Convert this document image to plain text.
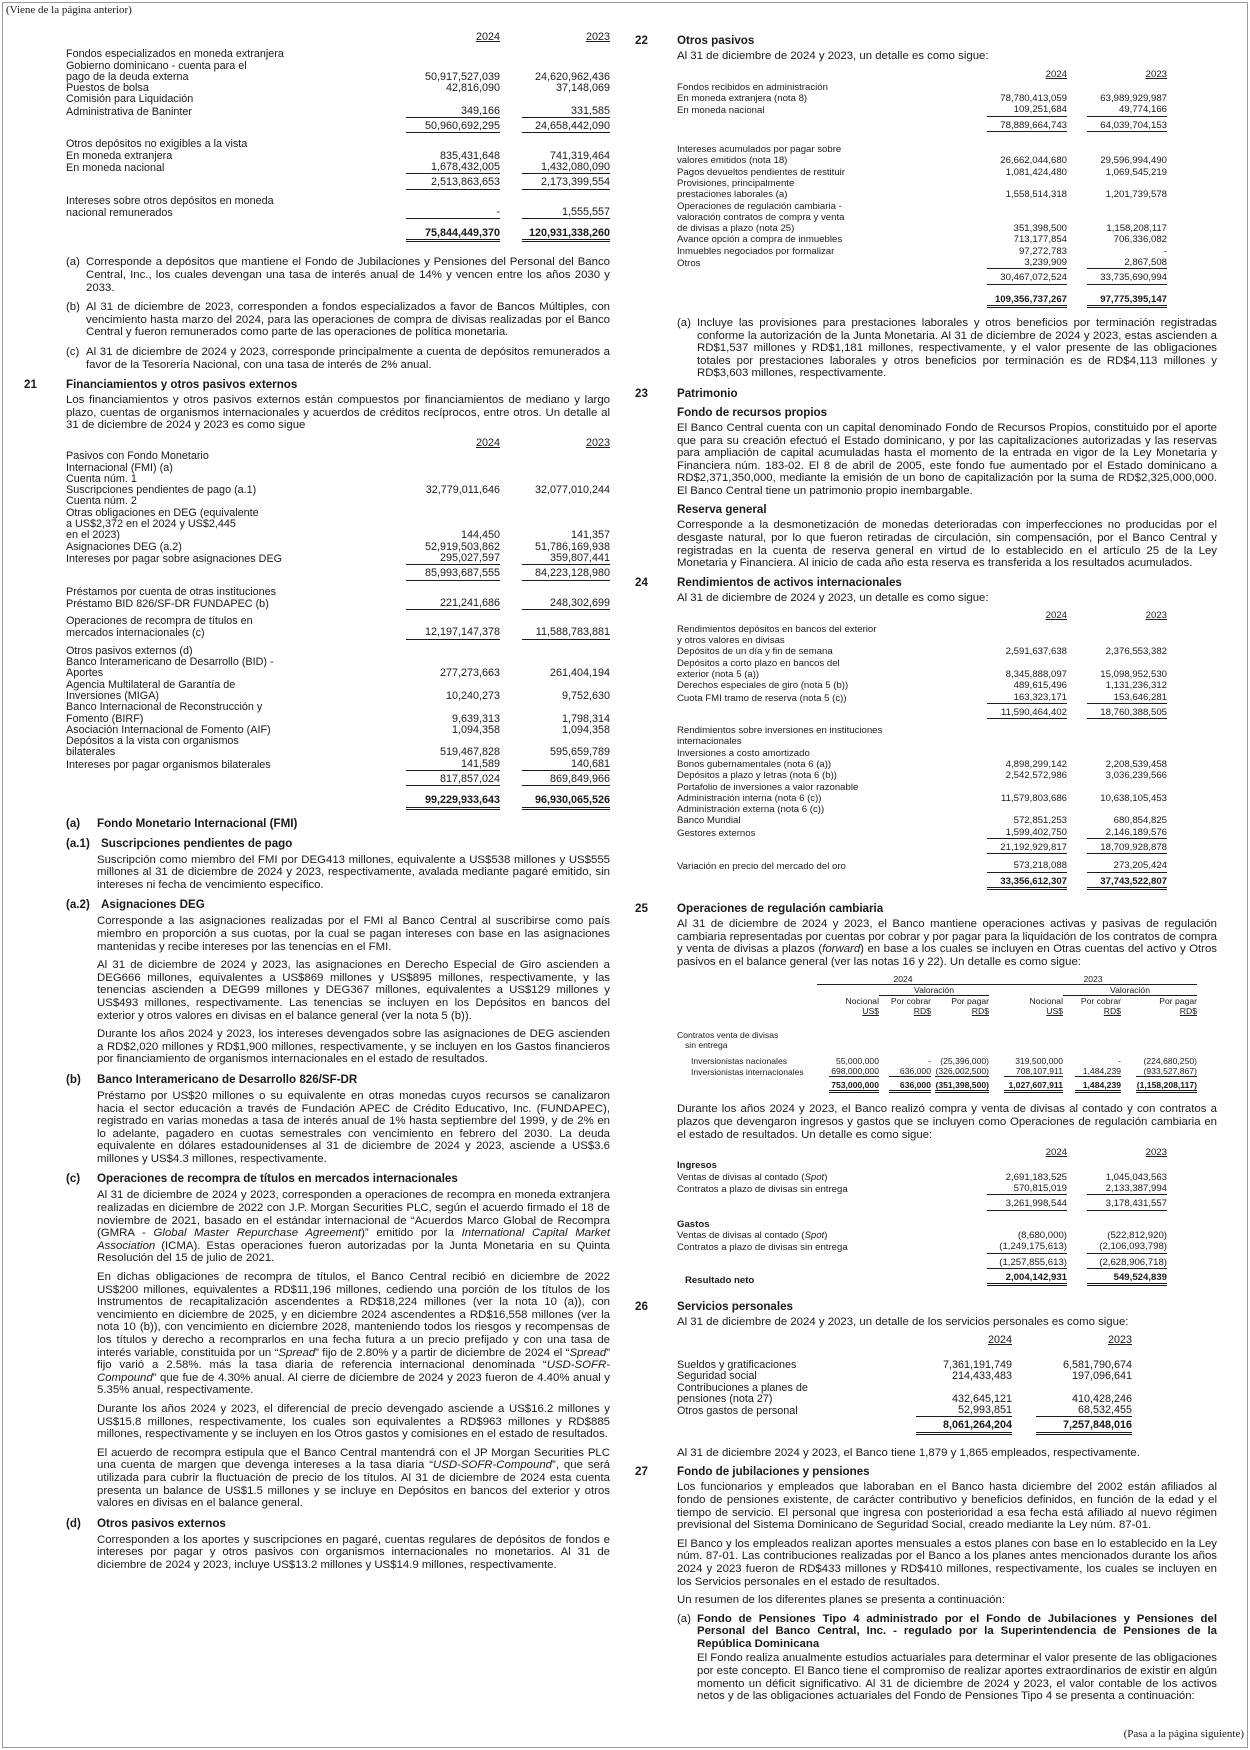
(Viene de la página anterior)
(Pasa a la página siguiente)
	2024	2023

Fondos especializados en moneda extranjera		
Gobierno dominicano - cuenta para el		
pago de la deuda externa	50,917,527,039	24,620,962,436
Puestos de bolsa	42,816,090	37,148,069
Comisión para Liquidación		
Administrativa de Baninter	349,166	331,585
	50,960,692,295	24,658,442,090

Otros depósitos no exigibles a la vista		
En moneda extranjera	835,431,648	741,319,464
En moneda nacional	1,678,432,005	1,432,080,090
	2,513,863,653	2,173,399,554

Intereses sobre otros depósitos en moneda		
nacional remunerados	-	1,555,557

	75,844,449,370	120,931,338,260
(a) Corresponde a depósitos que mantiene el Fondo de Jubilaciones y Pensiones del Personal del Banco Central, Inc., los cuales devengan una tasa de interés anual de 14% y vencen entre los años 2030 y 2033.

(b) Al 31 de diciembre de 2023, corresponden a fondos especializados a favor de Bancos Múltiples, con vencimiento hasta marzo del 2024, para las operaciones de compra de divisas realizadas por el Banco Central y fueron remunerados como parte de las operaciones de política monetaria.

(c) Al 31 de diciembre de 2024 y 2023, corresponde principalmente a cuenta de depósitos remunerados a favor de la Tesorería Nacional, con una tasa de interés de 2% anual.

21	Financiamientos y otros pasivos externos

Los financiamientos y otros pasivos externos están compuestos por financiamientos de mediano y largo plazo, cuentas de organismos internacionales y acuerdos de créditos recíprocos, entre otros. Un detalle al 31 de diciembre de 2024 y 2023 es como sigue

	2024	2023
Pasivos con Fondo Monetario		
Internacional (FMI) (a)		
Cuenta núm. 1		
Suscripciones pendientes de pago (a.1)	32,779,011,646	32,077,010,244
Cuenta núm. 2		
Otras obligaciones en DEG (equivalente		
a US$2,372 en el 2024 y US$2,445		
en el 2023)	144,450	141,357
Asignaciones DEG (a.2)	52,919,503,862	51,786,169,938
Intereses por pagar sobre asignaciones DEG	295,027,597	359,807,441
	85,993,687,555	84,223,128,980

Préstamos por cuenta de otras instituciones		
Préstamo BID 826/SF-DR FUNDAPEC (b)	221,241,686	248,302,699

Operaciones de recompra de títulos en		
mercados internacionales (c)	12,197,147,378	11,588,783,881

Otros pasivos externos (d)		
Banco Interamericano de Desarrollo (BID) -		
Aportes	277,273,663	261,404,194
Agencia Multilateral de Garantía de		
Inversiones (MIGA)	10,240,273	9,752,630
Banco Internacional de Reconstrucción y		
Fomento (BIRF)	9,639,313	1,798,314
Asociación Internacional de Fomento (AIF)	1,094,358	1,094,358
Depósitos a la vista con organismos		
bilaterales	519,467,828	595,659,789
Intereses por pagar organismos bilaterales	141,589	140,681
	817,857,024	869,849,966

	99,229,933,643	96,930,065,526
(a)	Fondo Monetario Internacional (FMI)
(a.1) Suscripciones pendientes de pago

Suscripción como miembro del FMI por DEG413 millones, equivalente a US$538 millones y US$555 millones al 31 de diciembre de 2024 y 2023, respectivamente, avalada mediante pagaré emitido, sin intereses ni fecha de vencimiento específico.

(a.2) Asignaciones DEG

Corresponde a las asignaciones realizadas por el FMI al Banco Central al suscribirse como país miembro en proporción a sus cuotas, por la cual se pagan intereses con base en las asignaciones mantenidas y recibe intereses por las tenencias en el FMI.

Al 31 de diciembre de 2024 y 2023, las asignaciones en Derecho Especial de Giro ascienden a DEG666 millones, equivalentes a US$869 millones y US$895 millones, respectivamente, y las tenencias ascienden a DEG99 millones y DEG367 millones, equivalentes a US$129 millones y US$493 millones, respectivamente. Las tenencias se incluyen en los Depósitos en bancos del exterior y otros valores en divisas en el balance general (ver la nota 5 (b)).

Durante los años 2024 y 2023, los intereses devengados sobre las asignaciones de DEG ascienden a RD$2,020 millones y RD$1,900 millones, respectivamente, y se incluyen en los Gastos financieros por financiamiento de organismos internacionales en el estado de resultados.

(b)	Banco Interamericano de Desarrollo 826/SF-DR

Préstamo por US$20 millones o su equivalente en otras monedas cuyos recursos se canalizaron hacia el sector educación a través de Fundación APEC de Crédito Educativo, Inc. (FUNDAPEC), registrado en varias monedas a tasa de interés anual de 1% hasta septiembre del 1999, y de 2% en lo adelante, pagadero en cuotas semestrales con vencimiento en febrero del 2030. La deuda equivalente en dólares estadounidenses al 31 de diciembre de 2024 y 2023, asciende a US$3.6 millones y US$4.3 millones, respectivamente.

(c)	Operaciones de recompra de títulos en mercados internacionales

Al 31 de diciembre de 2024 y 2023, corresponden a operaciones de recompra en moneda extranjera realizadas en diciembre de 2022 con J.P. Morgan Securities PLC, según el acuerdo firmado el 18 de noviembre de 2021, basado en el estándar internacional de “Acuerdos Marco Global de Recompra (GMRA - Global Master Repurchase Agreement)” emitido por la International Capital Market Association (ICMA). Estas operaciones fueron autorizadas por la Junta Monetaria en su Quinta Resolución del 15 de julio de 2021.

En dichas obligaciones de recompra de títulos, el Banco Central recibió en diciembre de 2022 US$200 millones, equivalentes a RD$11,196 millones, cediendo una porción de los títulos de los Instrumentos de recapitalización ascendentes a RD$18,224 millones (ver la nota 10 (a)), con vencimiento en diciembre de 2025, y en diciembre 2024 ascendentes a RD$16,558 millones (ver la nota 10 (b)), con vencimiento en diciembre 2028, manteniendo todos los riesgos y recompensas de los títulos y derecho a recomprarlos en una fecha futura a un precio prefijado y con una tasa de interés variable, constituida por un “Spread” fijo de 2.80% y a partir de diciembre de 2024 el “Spread” fijo varió a 2.58%. más la tasa diaria de referencia internacional denominada “USD-SOFR-Compound” que fue de 4.30% anual. Al cierre de diciembre de 2024 y 2023 fueron de 4.40% anual y 5.35% anual, respectivamente.

Durante los años 2024 y 2023, el diferencial de precio devengado asciende a US$16.2 millones y US$15.8 millones, respectivamente, los cuales son equivalentes a RD$963 millones y RD$885 millones, respectivamente y se incluyen en los Otros gastos y comisiones en el estado de resultados.

El acuerdo de recompra estipula que el Banco Central mantendrá con el JP Morgan Securities PLC una cuenta de margen que devenga intereses a la tasa diaria “USD-SOFR-Compound”, que será utilizada para cubrir la fluctuación de precio de los títulos. Al 31 de diciembre de 2024 esta cuenta presenta un balance de US$1.5 millones y se incluye en Depósitos en bancos del exterior y otros valores en divisas en el balance general.

(d)	Otros pasivos externos

Corresponden a los aportes y suscripciones en pagaré, cuentas regulares de depósitos de fondos e intereses por pagar y otros pasivos con organismos internacionales no monetarios. Al 31 de diciembre de 2024 y 2023, incluye US$13.2 millones y US$14.9 millones, respectivamente.

22	Otros pasivos

Al 31 de diciembre de 2024 y 2023, un detalle es como sigue:

	2024	2023
Fondos recibidos en administración		
En moneda extranjera (nota 8)	78,780,413,059	63,989,929,987
En moneda nacional	109,251,684	49,774,166
	78,889,664,743	64,039,704,153

Intereses acumulados por pagar sobre		
valores emitidos (nota 18)	26,662,044,680	29,596,994,490
Pagos devueltos pendientes de restituir	1,081,424,480	1,069,545,219
Provisiones, principalmente		
prestaciones laborales (a)	1,558,514,318	1,201,739,578
Operaciones de regulación cambiaria -		
valoración contratos de compra y venta		
de divisas a plazo (nota 25)	351,398,500	1,158,208,117
Avance opción a compra de inmuebles	713,177,854	706,336,082
Inmuebles negociados por formalizar	97,272,783	-
Otros	3,239,909	2,867,508
	30,467,072,524	33,735,690,994

	109,356,737,267	97,775,395,147
(a) Incluye las provisiones para prestaciones laborales y otros beneficios por terminación registradas conforme la autorización de la Junta Monetaria. Al 31 de diciembre de 2024 y 2023, estas ascienden a RD$1,537 millones y RD$1,181 millones, respectivamente, y el valor presente de las obligaciones totales por prestaciones laborales y otros beneficios por terminación es de RD$4,113 millones y RD$3,603 millones, respectivamente.

23	Patrimonio
Fondo de recursos propios

El Banco Central cuenta con un capital denominado Fondo de Recursos Propios, constituido por el aporte que para su creación efectuó el Estado dominicano, y por las capitalizaciones autorizadas y las reservas para ampliación de capital acumuladas hasta el momento de la entrada en vigor de la Ley Monetaria y Financiera núm. 183-02. El 8 de abril de 2005, este fondo fue aumentado por el Estado dominicano a RD$2,371,350,000, mediante la emisión de un bono de capitalización por la suma de RD$2,325,000,000. El Banco Central tiene un patrimonio propio inembargable.

Reserva general

Corresponde a la desmonetización de monedas deterioradas con imperfecciones no producidas por el desgaste natural, por lo que fueron retiradas de circulación, sin compensación, por el Banco Central y registradas en la cuenta de reserva general en virtud de lo establecido en el artículo 25 de la Ley Monetaria y Financiera. Al inicio de cada año esta reserva es transferida a los resultados acumulados.

24	Rendimientos de activos internacionales

Al 31 de diciembre de 2024 y 2023, un detalle es como sigue:

	2024	2023
Rendimientos depósitos en bancos del exterior		
y otros valores en divisas		
Depósitos de un día y fin de semana	2,591,637,638	2,376,553,382
Depósitos a corto plazo en bancos del		
exterior (nota 5 (a))	8,345,888,097	15,098,952,530
Derechos especiales de giro (nota 5 (b))	489,615,496	1,131,236,312
Cuota FMI tramo de reserva (nota 5 (c))	163,323,171	153,646,281
	11,590,464,402	18,760,388,505

Rendimientos sobre inversiones en instituciones		
internacionales		
Inversiones a costo amortizado		
Bonos gubernamentales (nota 6 (a))	4,898,299,142	2,208,539,458
Depósitos a plazo y letras (nota 6 (b))	2,542,572,986	3,036,239,566
Portafolio de inversiones a valor razonable		
Administración interna (nota 6 (c))	11,579,803,686	10,638,105,453
Administración externa (nota 6 (c))		
Banco Mundial	572,851,253	680,854,825
Gestores externos	1,599,402,750	2,146,189,576
	21,192,929,817	18,709,928,878

Variación en precio del mercado del oro	573,218,088	273,205,424
	33,356,612,307	37,743,522,807
25	Operaciones de regulación cambiaria

Al 31 de diciembre de 2024 y 2023, el Banco mantiene operaciones activas y pasivas de regulación cambiaria representadas por cuentas por cobrar y por pagar para la liquidación de los contratos de compra y venta de divisas a plazos (forward) en base a los cuales se incluyen en Otras cuentas del activo y Otros pasivos en el balance general (ver las notas 16 y 22). Un detalle es como sigue:

	2024			2023		
		Valoración			Valoración	
	Nocional	Por cobrar	Por pagar	Nocional	Por cobrar	Por pagar
	US$	RD$	RD$	US$	RD$	RD$

Contratos venta de divisas						
sin entrega						

Inversionistas nacionales	55,000,000	-	(25,396,000)	319,500,000	-	(224,680,250)
Inversionistas internacionales	698,000,000	636,000	(326,002,500)	708,107,911	1,484,239	(933,527,867)
	753,000,000	636,000	(351,398,500)	1,027,607,911	1,484,239	(1,158,208,117)

Durante los años 2024 y 2023, el Banco realizó compra y venta de divisas al contado y con contratos a plazos que devengaron ingresos y gastos que se incluyen como Operaciones de regulación cambiaria en el estado de resultados. Un detalle es como sigue:

	2024	2023
Ingresos		
Ventas de divisas al contado (Spot)	2,691,183,525	1,045,043,563
Contratos a plazo de divisas sin entrega	570,815,019	2,133,387,994
	3,261,998,544	3,178,431,557

Gastos		
Ventas de divisas al contado (Spot)	(8,680,000)	(522,812,920)
Contratos a plazo de divisas sin entrega	(1,249,175,613)	(2,106,093,798)
	(1,257,855,613)	(2,628,906,718)
Resultado neto	2,004,142,931	549,524,839
26	Servicios personales

Al 31 de diciembre de 2024 y 2023, un detalle de los servicios personales es como sigue:

	2024	2023

Sueldos y gratificaciones	7,361,191,749	6,581,790,674
Seguridad social	214,433,483	197,096,641
Contribuciones a planes de		
pensiones (nota 27)	432,645,121	410,428,246
Otros gastos de personal	52,993,851	68,532,455
	8,061,264,204	7,257,848,016

Al 31 de diciembre 2024 y 2023, el Banco tiene 1,879 y 1,865 empleados, respectivamente.

27	Fondo de jubilaciones y pensiones

Los funcionarios y empleados que laboraban en el Banco hasta diciembre del 2002 están afiliados al fondo de pensiones existente, de carácter contributivo y beneficios definidos, en función de la edad y el tiempo de servicio. El personal que ingresa con posterioridad a esa fecha está afiliado al nuevo régimen previsional del Sistema Dominicano de Seguridad Social, creado mediante la Ley núm. 87-01.

El Banco y los empleados realizan aportes mensuales a estos planes con base en lo establecido en la Ley núm. 87-01. Las contribuciones realizadas por el Banco a los planes antes mencionados durante los años 2024 y 2023 fueron de RD$433 millones y RD$410 millones, respectivamente, los cuales se incluyen en los Servicios personales en el estado de resultados.

Un resumen de los diferentes planes se presenta a continuación:

(a) Fondo de Pensiones Tipo 4 administrado por el Fondo de Jubilaciones y Pensiones del Personal del Banco Central, Inc. - regulado por la Superintendencia de Pensiones de la República Dominicana

El Fondo realiza anualmente estudios actuariales para determinar el valor presente de las obligaciones por este concepto. El Banco tiene el compromiso de realizar aportes extraordinarios de existir en algún momento un déficit significativo. Al 31 de diciembre de 2024 y 2023, el valor contable de los activos netos y de las obligaciones actuariales del Fondo de Pensiones Tipo 4 se presenta a continuación:
